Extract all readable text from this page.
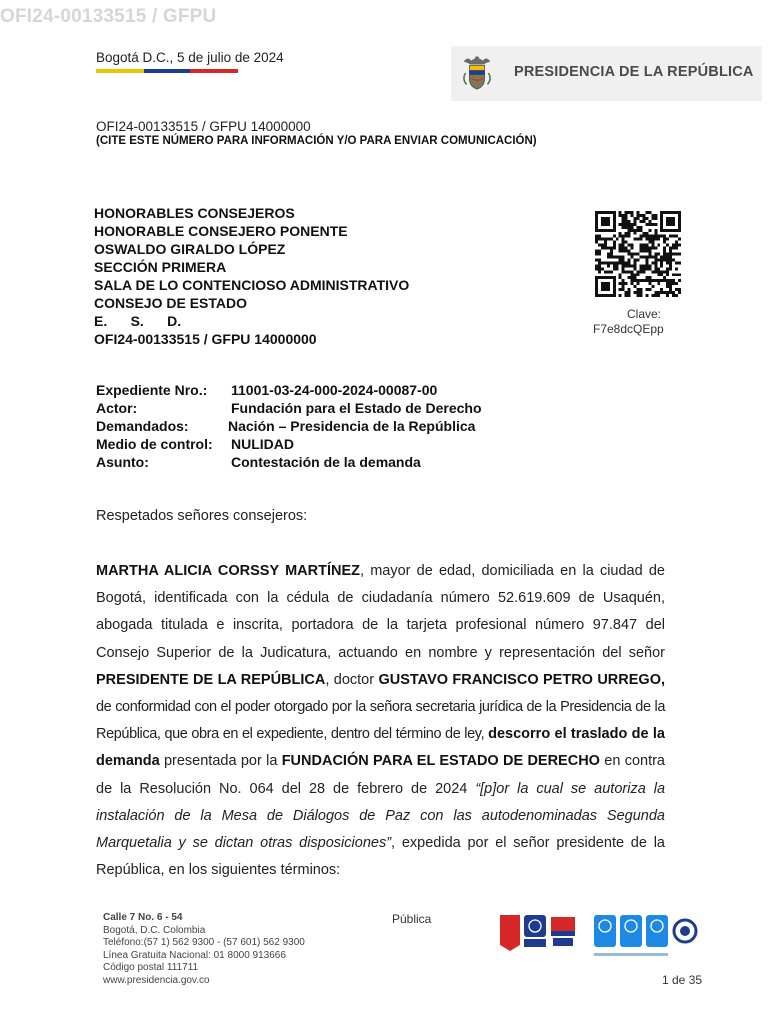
OFI24-00133515 / GFPU
Bogotá D.C., 5 de julio de 2024
PRESIDENCIA DE LA REPÚBLICA
OFI24-00133515 / GFPU 14000000
(CITE ESTE NÚMERO PARA INFORMACIÓN Y/O PARA ENVIAR COMUNICACIÓN)
HONORABLES CONSEJEROS
HONORABLE CONSEJERO PONENTE
OSWALDO GIRALDO LÓPEZ
SECCIÓN PRIMERA
SALA DE LO CONTENCIOSO ADMINISTRATIVO
CONSEJO DE ESTADO
E.      S.      D.
OFI24-00133515 / GFPU 14000000
Clave:
F7e8dcQEpp
Expediente Nro.:	11001-03-24-000-2024-00087-00
Actor:	Fundación para el Estado de Derecho
Demandados:	Nación – Presidencia de la República
Medio de control:	NULIDAD
Asunto:	Contestación de la demanda
Respetados señores consejeros:
MARTHA ALICIA CORSSY MARTÍNEZ, mayor de edad, domiciliada en la ciudad de Bogotá, identificada con la cédula de ciudadanía número 52.619.609 de Usaquén, abogada titulada e inscrita, portadora de la tarjeta profesional número 97.847 del Consejo Superior de la Judicatura, actuando en nombre y representación del señor PRESIDENTE DE LA REPÚBLICA, doctor GUSTAVO FRANCISCO PETRO URREGO, de conformidad con el poder otorgado por la señora secretaria jurídica de la Presidencia de la República, que obra en el expediente, dentro del término de ley, descorro el traslado de la demanda presentada por la FUNDACIÓN PARA EL ESTADO DE DERECHO en contra de la Resolución No. 064 del 28 de febrero de 2024 “[p]or la cual se autoriza la instalación de la Mesa de Diálogos de Paz con las autodenominadas Segunda Marquetalia y se dictan otras disposiciones”, expedida por el señor presidente de la República, en los siguientes términos:
Calle 7 No. 6 - 54
Bogotá, D.C. Colombia
Teléfono:(57 1) 562 9300 - (57 601) 562 9300
Línea Gratuita Nacional: 01 8000 913666
Código postal 111711
www.presidencia.gov.co
Pública
1 de 35
